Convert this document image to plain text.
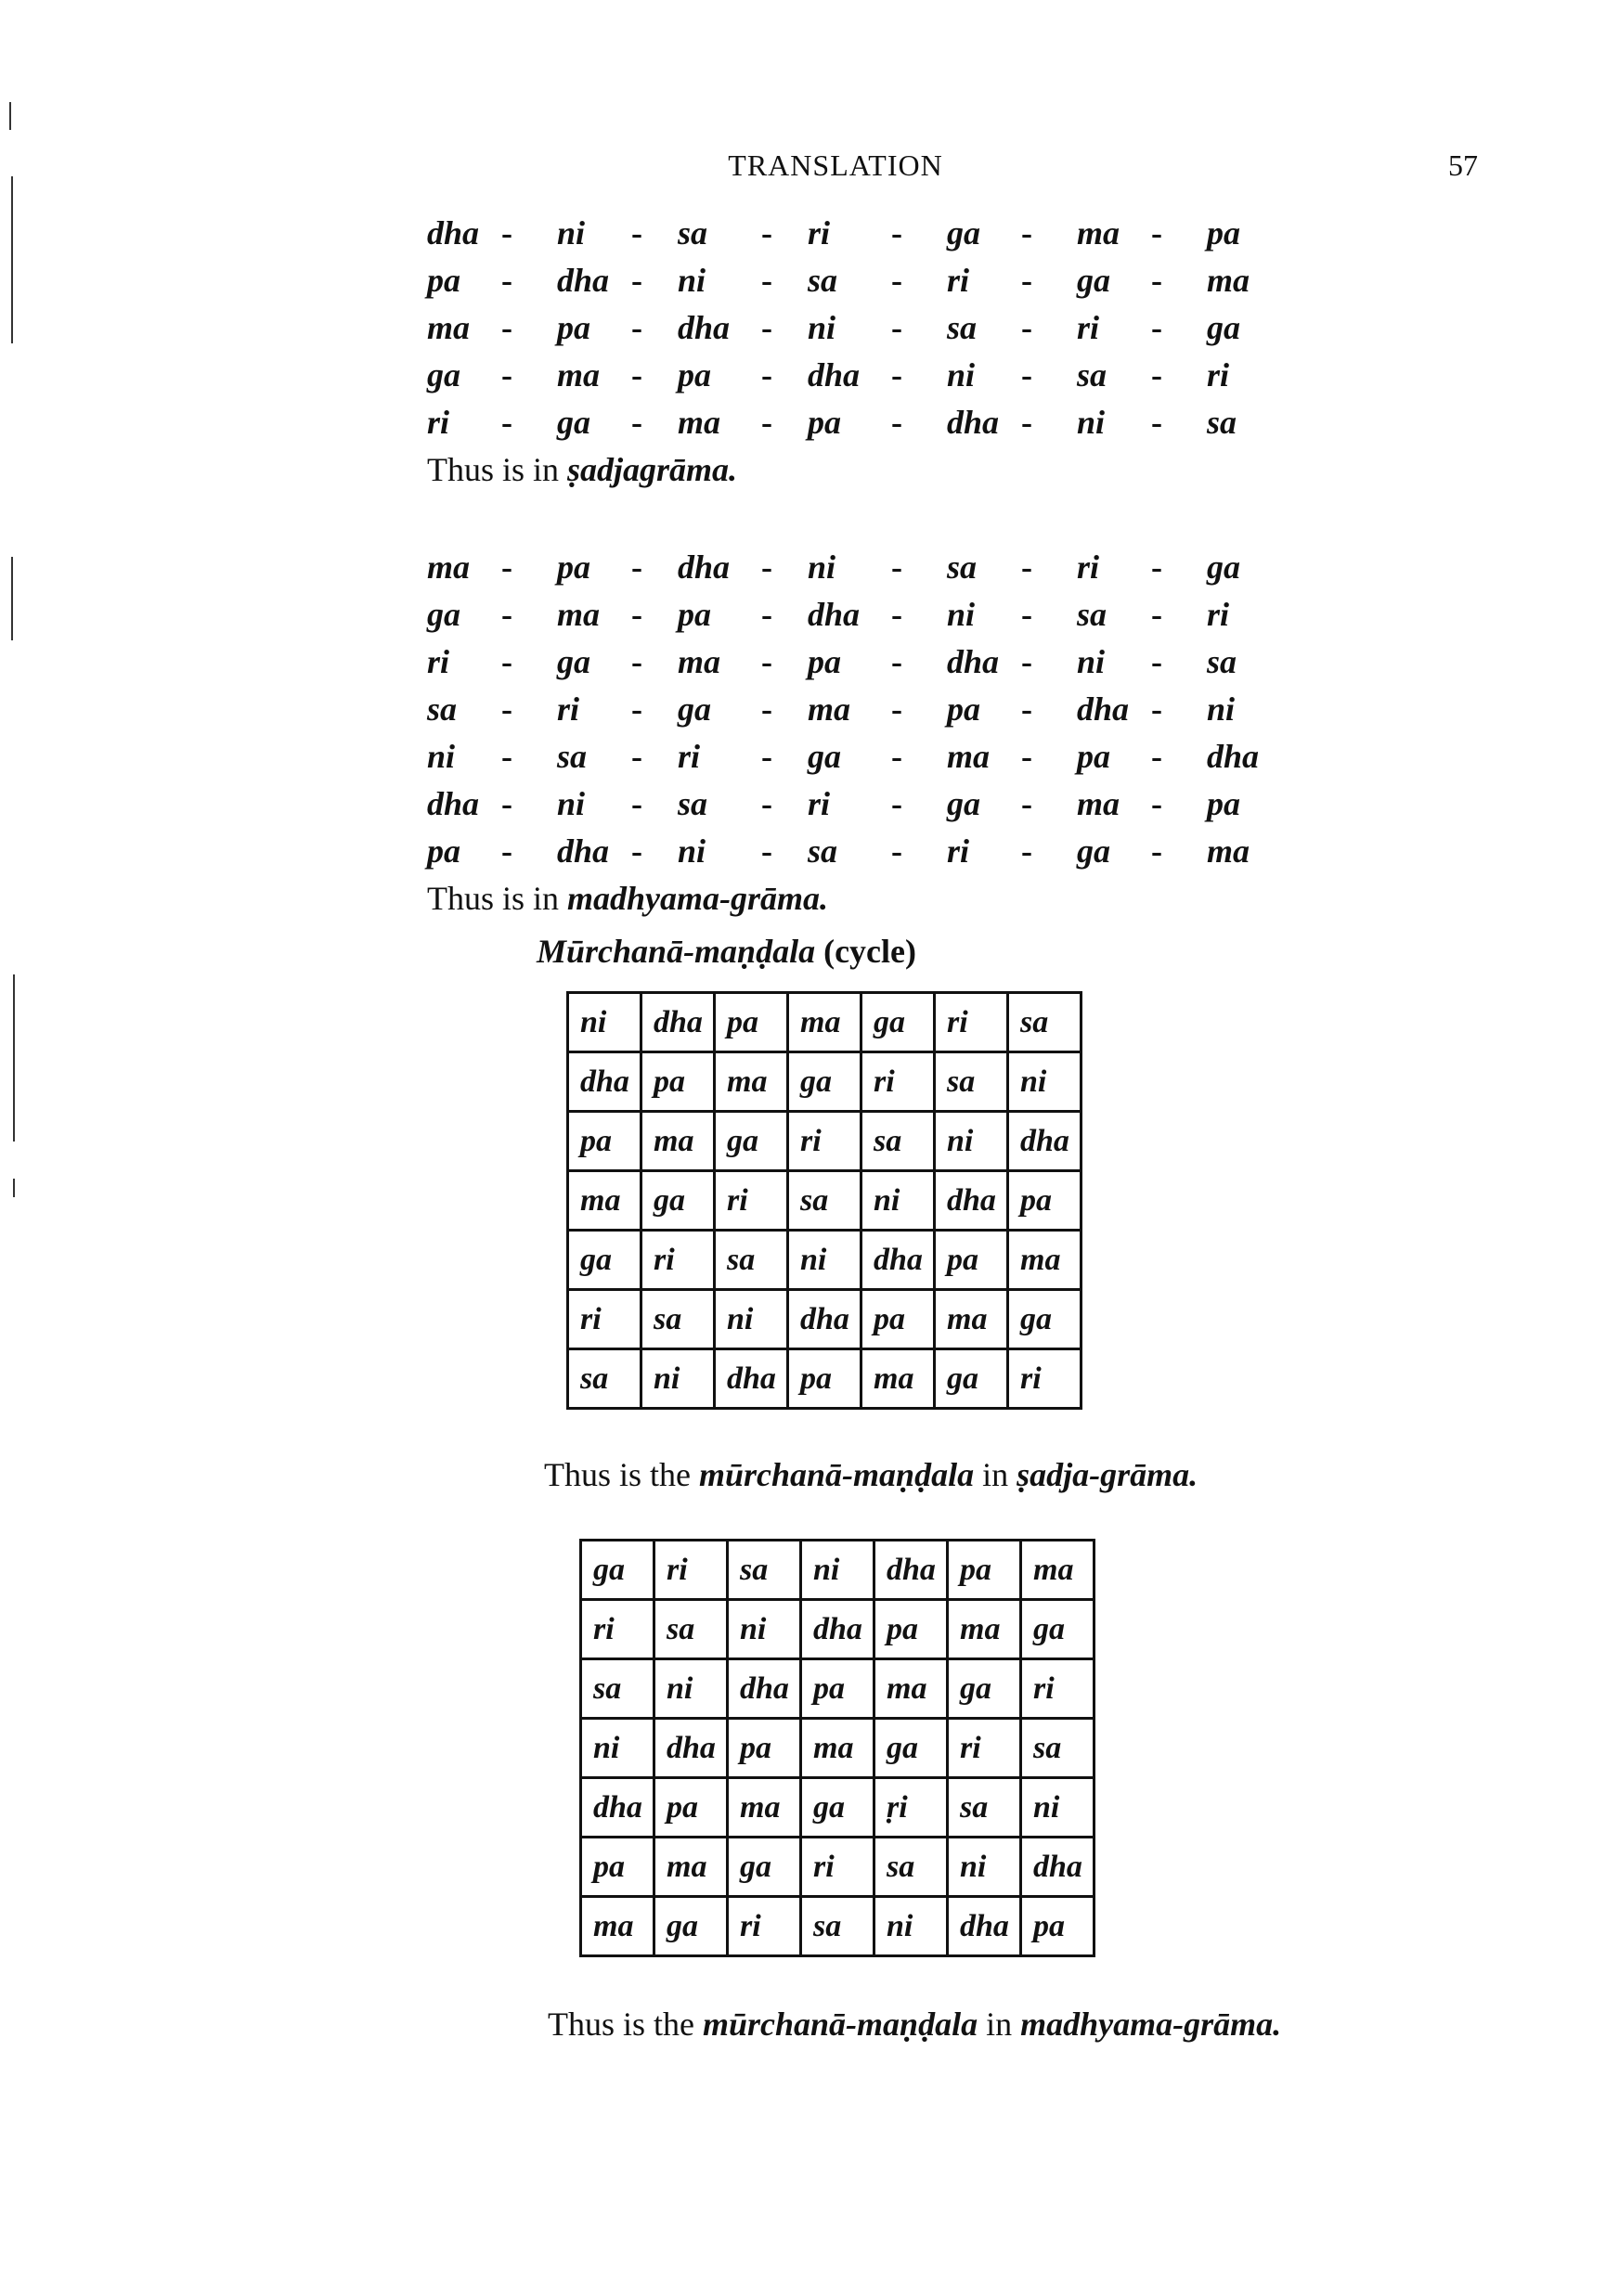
TRANSLATION	57
dha - ni - sa - ri - ga - ma - pa
pa - dha - ni - sa - ri - ga - ma
ma - pa - dha - ni - sa - ri - ga
ga - ma - pa - dha - ni - sa - ri
ri - ga - ma - pa - dha - ni - sa
Thus is in ṣadjagrāma.
ma - pa - dha - ni - sa - ri - ga
ga - ma - pa - dha - ni - sa - ri
ri - ga - ma - pa - dha - ni - sa
sa - ri - ga - ma - pa - dha - ni
ni - sa - ri - ga - ma - pa - dha
dha - ni - sa - ri - ga - ma - pa
pa - dha - ni - sa - ri - ga - ma
Thus is in madhyama-grāma.
Mūrchanā-maṇḍala (cycle)
ni	dha	pa	ma	ga	ri	sa
dha	pa	ma	ga	ri	sa	ni
pa	ma	ga	ri	sa	ni	dha
ma	ga	ri	sa	ni	dha	pa
ga	ri	sa	ni	dha	pa	ma
ri	sa	ni	dha	pa	ma	ga
sa	ni	dha	pa	ma	ga	ri
Thus is the mūrchanā-maṇḍala in ṣadja-grāma.
ga	ri	sa	ni	dha	pa	ma
ri	sa	ni	dha	pa	ma	ga
sa	ni	dha	pa	ma	ga	ri
ni	dha	pa	ma	ga	ri	sa
dha	pa	ma	ga	ṛi	sa	ni
pa	ma	ga	ri	sa	ni	dha
ma	ga	ri	sa	ni	dha	pa
Thus is the mūrchanā-maṇḍala in madhyama-grāma.
